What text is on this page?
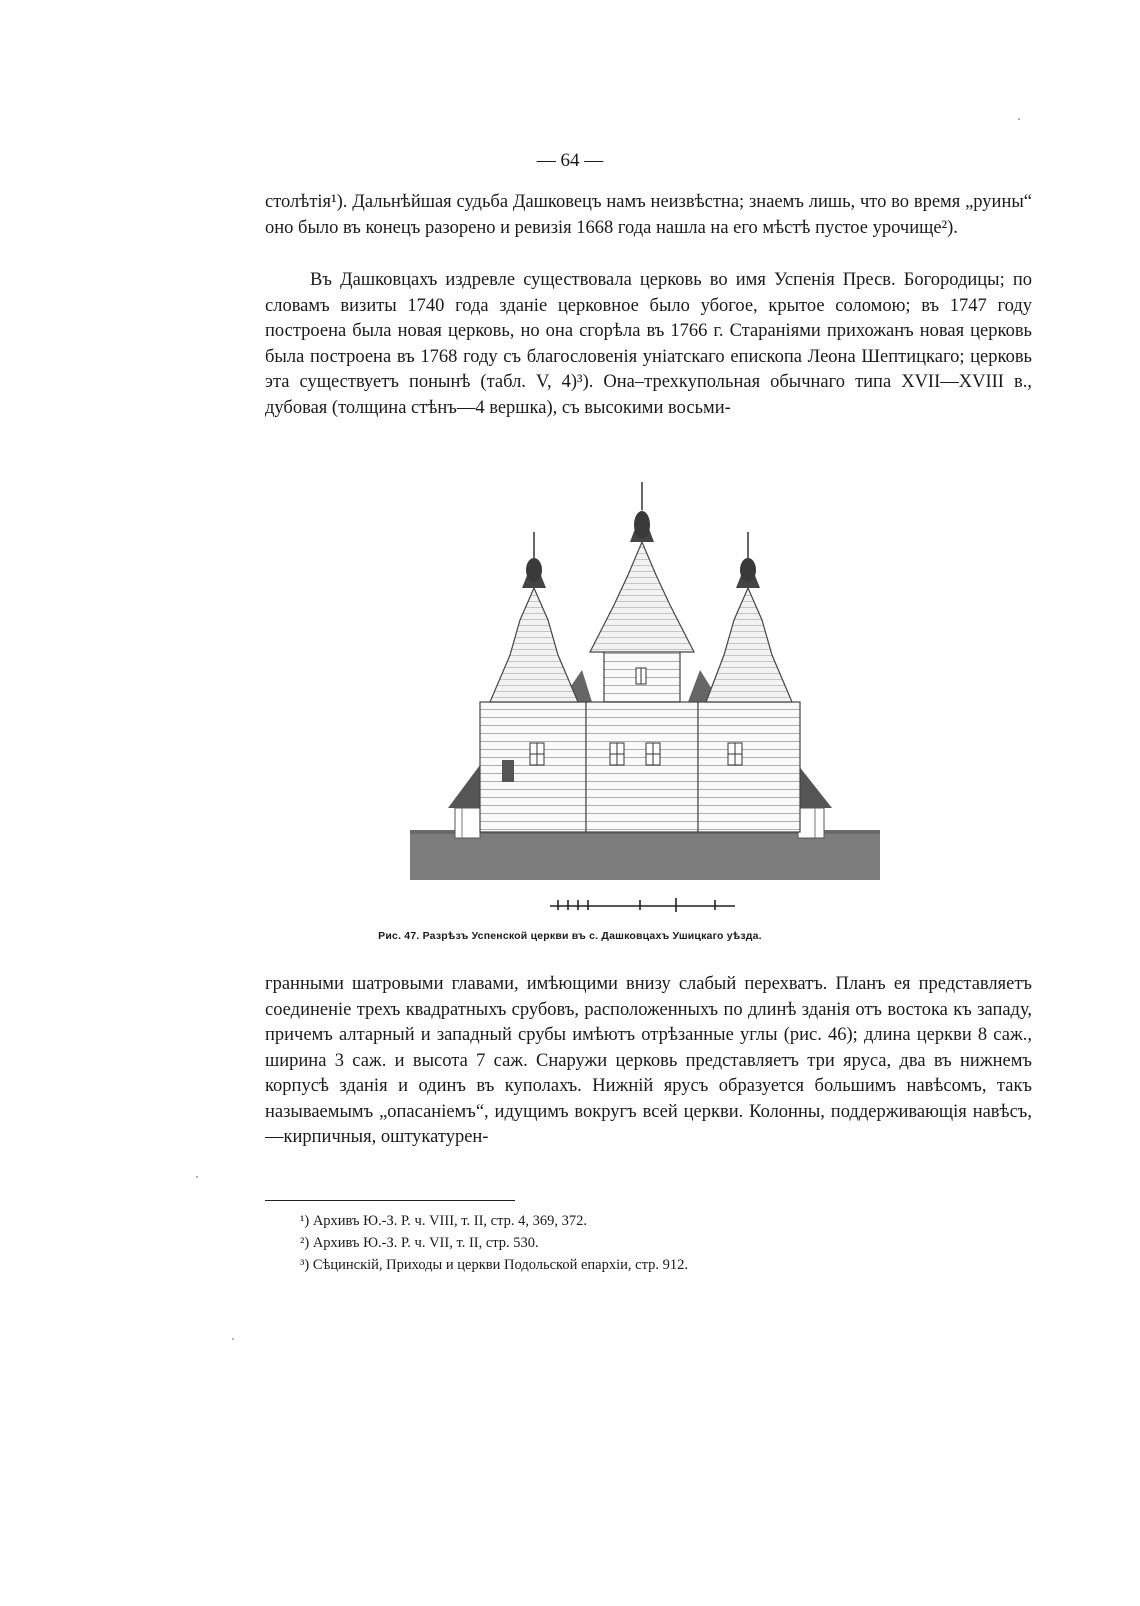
— 64 —
столѣтія¹). Дальнѣйшая судьба Дашковецъ намъ неизвѣстна; знаемъ лишь, что во время „руины“ оно было въ конецъ разорено и ревизія 1668 года нашла на его мѣстѣ пустое урочище²).
Въ Дашковцахъ издревле существовала церковь во имя Успенія Пресв. Богородицы; по словамъ визиты 1740 года зданіе церковное было убогое, крытое соломою; въ 1747 году построена была новая церковь, но она сгорѣла въ 1766 г. Стараніями прихожанъ новая церковь была построена въ 1768 году съ благословенія уніатскаго епископа Леона Шептицкаго; церковь эта существуетъ понынѣ (табл. V, 4)³). Она–трехкупольная обычнаго типа XVII—XVIII в., дубовая (толщина стѣнъ—4 вершка), съ высокими восьми-
Рис. 47. Разрѣзъ Успенской церкви въ с. Дашковцахъ Ушицкаго уѣзда.
гранными шатровыми главами, имѣющими внизу слабый перехватъ. Планъ ея представляетъ соединеніе трехъ квадратныхъ срубовъ, расположенныхъ по длинѣ зданія отъ востока къ западу, причемъ алтарный и западный срубы имѣютъ отрѣзанные углы (рис. 46); длина церкви 8 саж., ширина 3 саж. и высота 7 саж. Снаружи церковь представляетъ три яруса, два въ нижнемъ корпусѣ зданія и одинъ въ куполахъ. Нижній ярусъ образуется большимъ навѣсомъ, такъ называемымъ „опасаніемъ“, идущимъ вокругъ всей церкви. Колонны, поддерживающія навѣсъ,—кирпичныя, оштукатурен-
¹) Архивъ Ю.-З. Р. ч. VIII, т. II, стр. 4, 369, 372.
²) Архивъ Ю.-З. Р. ч. VII, т. II, стр. 530.
³) Сѣцинскій, Приходы и церкви Подольской епархіи, стр. 912.
